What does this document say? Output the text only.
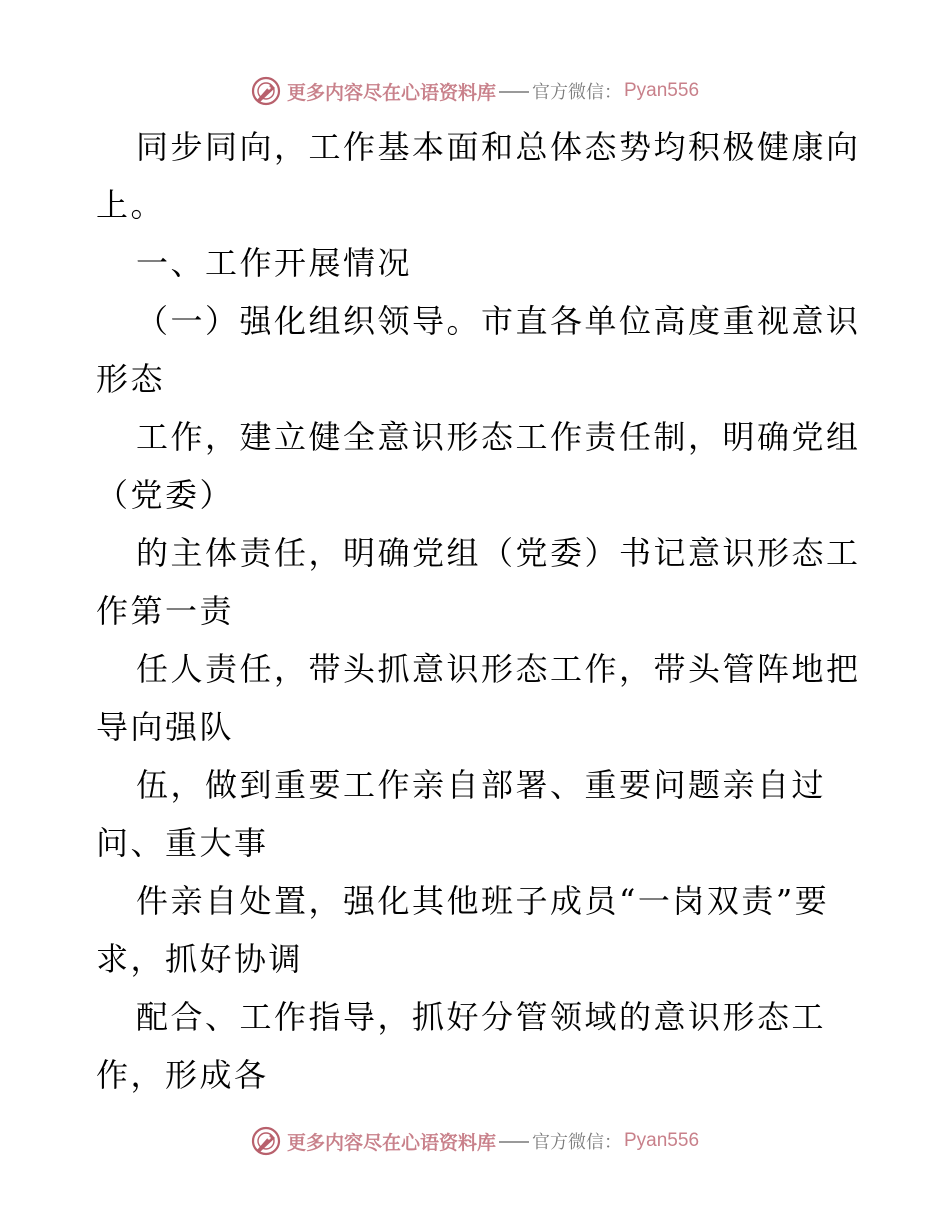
更多内容尽在心语资料库 官方微信： Pyan556
同步同向，工作基本面和总体态势均积极健康向
上。
一、工作开展情况
（一）强化组织领导。市直各单位高度重视意识
形态
工作，建立健全意识形态工作责任制，明确党组
（党委）
的主体责任，明确党组（党委）书记意识形态工
作第一责
任人责任，带头抓意识形态工作，带头管阵地把
导向强队
伍，做到重要工作亲自部署、重要问题亲自过
问、重大事
件亲自处置，强化其他班子成员“一岗双责”要
求，抓好协调
配合、工作指导，抓好分管领域的意识形态工
作，形成各
更多内容尽在心语资料库 官方微信： Pyan556
